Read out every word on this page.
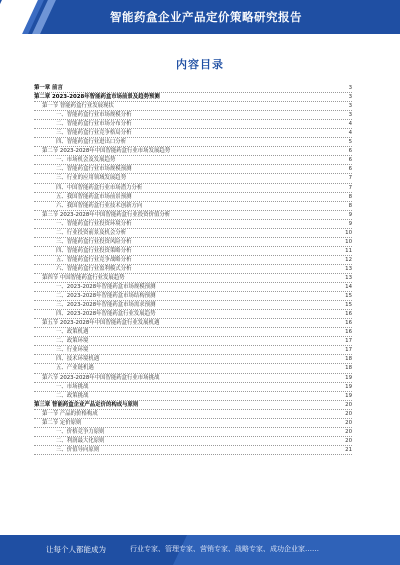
智能药盒企业产品定价策略研究报告
内容目录
第一章 前言	3
第二章 2023-2028年智能药盒市场前景及趋势预测	3
第一节 智能药盒行业发展现状	3
一、智能药盒行业市场规模分析	3
二、智能药盒行业市场分布分析	4
三、智能药盒行业竞争格局分析	4
四、智能药盒行业进出口分析	5
第二节 2023-2028年中国智能药盒行业市场发展趋势	6
一、市场机会及发展趋势	6
二、智能药盒行业市场规模预测	6
三、行业的应用领域发展趋势	7
四、中国智能药盒行业市场潜力分析	7
五、我国智能药盒市场前景预测	8
六、我国智能药盒行业技术创新方向	8
第三节 2023-2028年中国智能药盒行业投资价值分析	9
一、智能药盒行业投资环境分析	9
二、行业投资前景及机会分析	10
三、智能药盒行业投资风险分析	10
四、智能药盒行业投资策略分析	11
五、智能药盒行业竞争战略分析	12
六、智能药盒行业盈利模式分析	13
第四节 中国智能药盒行业发展趋势	13
一、2023-2028年智能药盒市场规模预测	14
二、2023-2028年智能药盒市场结构预测	15
三、2023-2028年智能药盒市场需求预测	15
四、2023-2028年智能药盒行业发展趋势	16
第五节 2023-2028年中国智能药盒行业发展机遇	16
一、政策机遇	16
二、政策环境	17
三、行业环境	17
四、技术环境机遇	18
五、产业链机遇	18
第六节 2023-2028年中国智能药盒行业市场挑战	19
一、市场挑战	19
二、政策挑战	19
第三章 智能药盒企业产品定价的构成与原则	20
第一节 产品的价格构成	20
第二节 定价原则	20
一、价格竞争力原则	20
二、利润最大化原则	20
三、价值导向原则	21
让每个人都能成为	行业专家、管理专家、营销专家、战略专家、成功企业家……
